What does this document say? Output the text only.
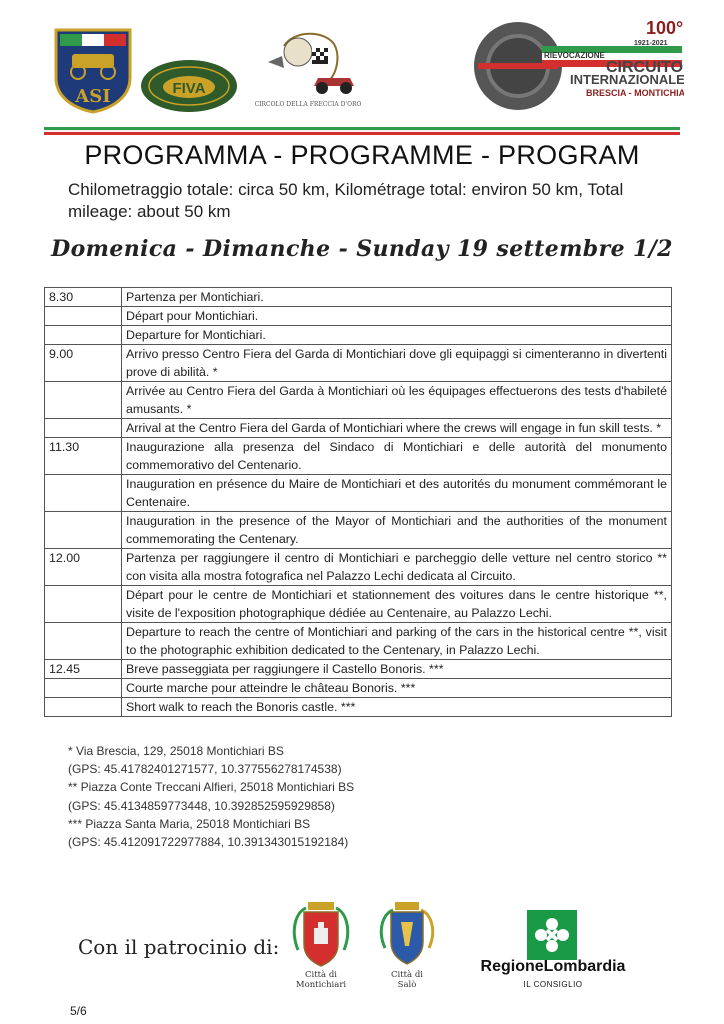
ASI	FIVA
CIRCOLO DELLA FRECCIA D'ORO
100°
1921-2021
RIEVOCAZIONE
CIRCUITO
INTERNAZIONALE
BRESCIA - MONTICHIARI
PROGRAMMA - PROGRAMME - PROGRAM
Chilometraggio totale: circa 50 km, Kilométrage total: environ 50 km, Total mileage: about 50 km
Domenica - Dimanche - Sunday 19 settembre 1/2
8.30	Partenza per Montichiari.
	Départ pour Montichiari.
	Departure for Montichiari.
9.00	Arrivo presso Centro Fiera del Garda di Montichiari dove gli equipaggi si cimenteranno in divertenti prove di abilità. *
	Arrivée au Centro Fiera del Garda à Montichiari où les équipages effectuerons des tests d'habileté amusants. *
	Arrival at the Centro Fiera del Garda of Montichiari where the crews will engage in fun skill tests. *
11.30	Inaugurazione alla presenza del Sindaco di Montichiari e delle autorità del monumento commemorativo del Centenario.
	Inauguration en présence du Maire de Montichiari et des autorités du monument commémorant le Centenaire.
	Inauguration in the presence of the Mayor of Montichiari and the authorities of the monument commemorating the Centenary.
12.00	Partenza per raggiungere il centro di Montichiari e parcheggio delle vetture nel centro storico ** con visita alla mostra fotografica nel Palazzo Lechi dedicata al Circuito.
	Départ pour le centre de Montichiari et stationnement des voitures dans le centre historique **, visite de l'exposition photographique dédiée au Centenaire, au Palazzo Lechi.
	Departure to reach the centre of Montichiari and parking of the cars in the historical centre **, visit to the photographic exhibition dedicated to the Centenary, in Palazzo Lechi.
12.45	Breve passeggiata per raggiungere il Castello Bonoris. ***
	Courte marche pour atteindre le château Bonoris. ***
	Short walk to reach the Bonoris castle. ***
* Via Brescia, 129, 25018 Montichiari BS
(GPS: 45.41782401271577, 10.377556278174538)
** Piazza Conte Treccani Alfieri, 25018 Montichiari BS
(GPS: 45.4134859773448, 10.392852595929858)
*** Piazza Santa Maria, 25018 Montichiari BS
(GPS: 45.412091722977884, 10.391343015192184)
Con il patrocinio di:
Città di
Montichiari
Città di
Salò
RegioneLombardia
IL CONSIGLIO
5/6
